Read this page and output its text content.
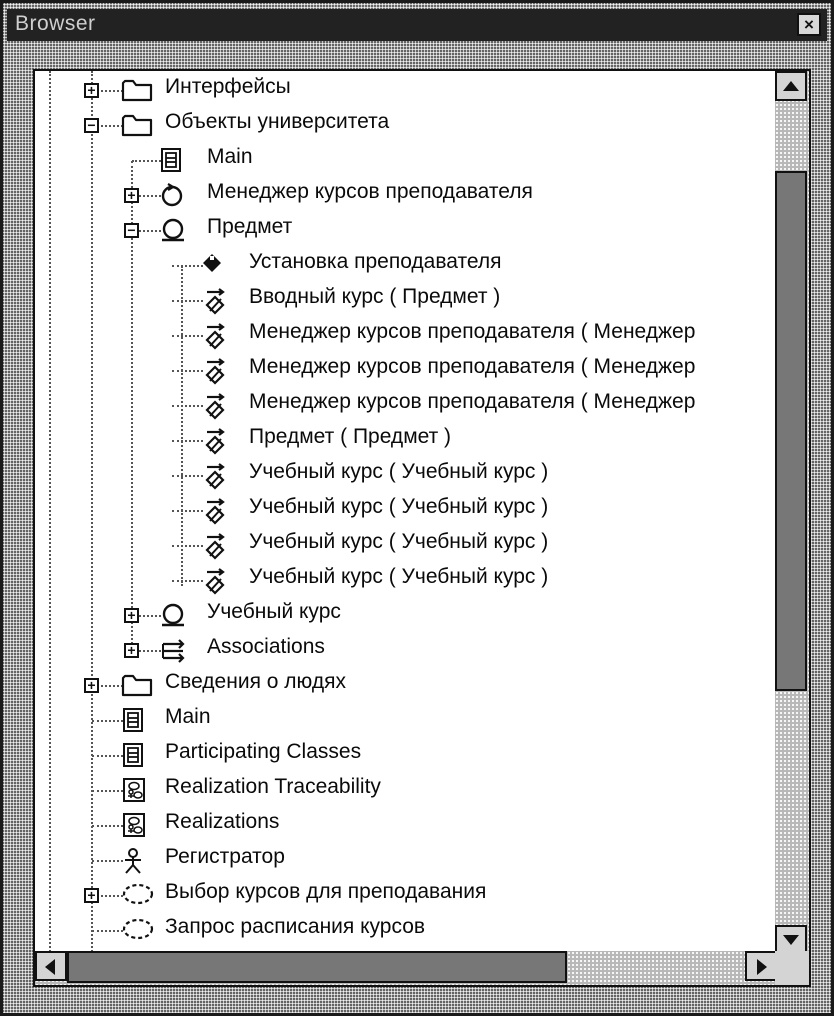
Browser	×
+	Интерфейсы
−	Объекты университета
Main
+	Менеджер курсов преподавателя
−	Предмет
Установка преподавателя
Вводный курс ( Предмет )
Менеджер курсов преподавателя ( Менеджер
Менеджер курсов преподавателя ( Менеджер
Менеджер курсов преподавателя ( Менеджер
Предмет ( Предмет )
Учебный курс ( Учебный курс )
Учебный курс ( Учебный курс )
Учебный курс ( Учебный курс )
Учебный курс ( Учебный курс )
+	Учебный курс
+	Associations
+	Сведения о людях
Main
Participating Classes
Realization Traceability
Realizations
Регистратор
+	Выбор курсов для преподавания
Запрос расписания курсов
